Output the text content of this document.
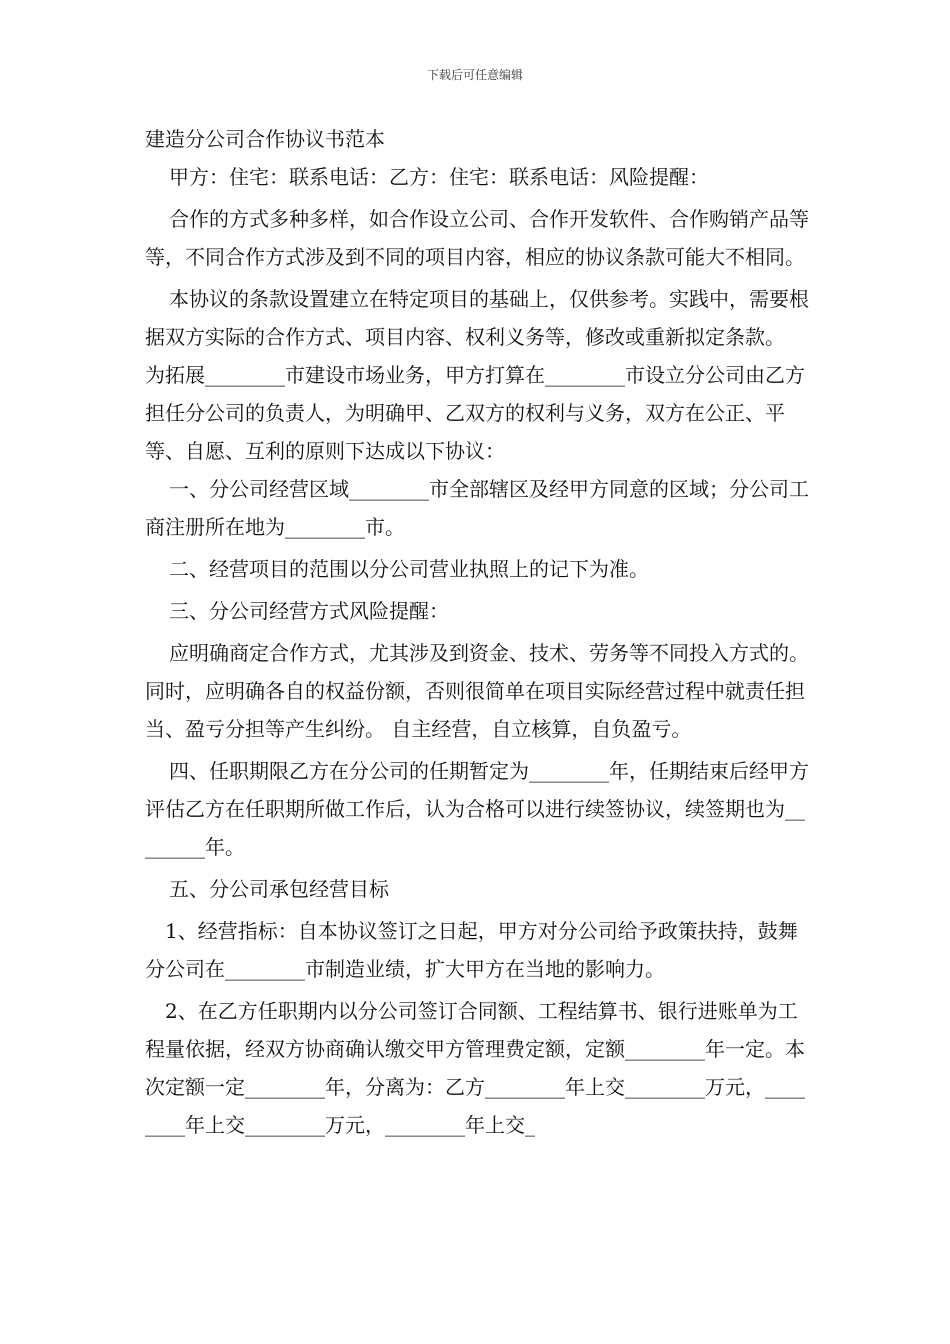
下载后可任意编辑

建造分公司合作协议书范本

甲方：住宅：联系电话：乙方：住宅：联系电话：风险提醒：

合作的方式多种多样，如合作设立公司、合作开发软件、合作购销产品等等，不同合作方式涉及到不同的项目内容，相应的协议条款可能大不相同。

本协议的条款设置建立在特定项目的基础上，仅供参考。实践中，需要根据双方实际的合作方式、项目内容、权利义务等，修改或重新拟定条款。 为拓展________市建设市场业务，甲方打算在________市设立分公司由乙方担任分公司的负责人，为明确甲、乙双方的权利与义务，双方在公正、平等、自愿、互利的原则下达成以下协议：

一、分公司经营区域________市全部辖区及经甲方同意的区域；分公司工商注册所在地为________市。

二、经营项目的范围以分公司营业执照上的记下为准。

三、分公司经营方式风险提醒：

应明确商定合作方式，尤其涉及到资金、技术、劳务等不同投入方式的。同时，应明确各自的权益份额，否则很简单在项目实际经营过程中就责任担当、盈亏分担等产生纠纷。 自主经营，自立核算，自负盈亏。

四、任职期限乙方在分公司的任期暂定为________年，任期结束后经甲方评估乙方在任职期所做工作后，认为合格可以进行续签协议，续签期也为________年。

五、分公司承包经营目标

1、经营指标：自本协议签订之日起，甲方对分公司给予政策扶持，鼓舞分公司在________市制造业绩，扩大甲方在当地的影响力。

2、在乙方任职期内以分公司签订合同额、工程结算书、银行进账单为工程量依据，经双方协商确认缴交甲方管理费定额，定额________年一定。本次定额一定________年，分离为：乙方________年上交________万元，________年上交________万元，________年上交_
